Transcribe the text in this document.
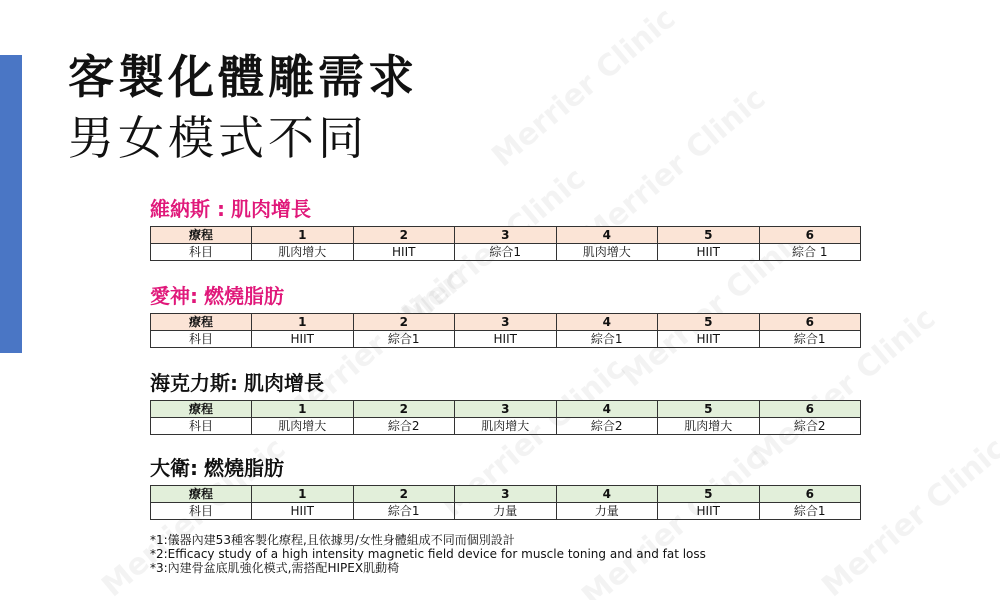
客製化體雕需求
男女模式不同
維納斯 : 肌肉增長
療程	1	2	3	4	5	6
科目	肌肉增大	HIIT	綜合1	肌肉增大	HIIT	綜合 1
愛神: 燃燒脂肪
療程	1	2	3	4	5	6
科目	HIIT	綜合1	HIIT	綜合1	HIIT	綜合1
海克力斯: 肌肉增長
療程	1	2	3	4	5	6
科目	肌肉增大	綜合2	肌肉增大	綜合2	肌肉增大	綜合2
大衛: 燃燒脂肪
療程	1	2	3	4	5	6
科目	HIIT	綜合1	力量	力量	HIIT	綜合1
*1:儀器內建53種客製化療程,且依據男/女性身體組成不同而個別設計
*2:Efficacy study of a high intensity magnetic field device for muscle toning and and fat loss
*3:內建骨盆底肌強化模式,需搭配HIPEX肌動椅
